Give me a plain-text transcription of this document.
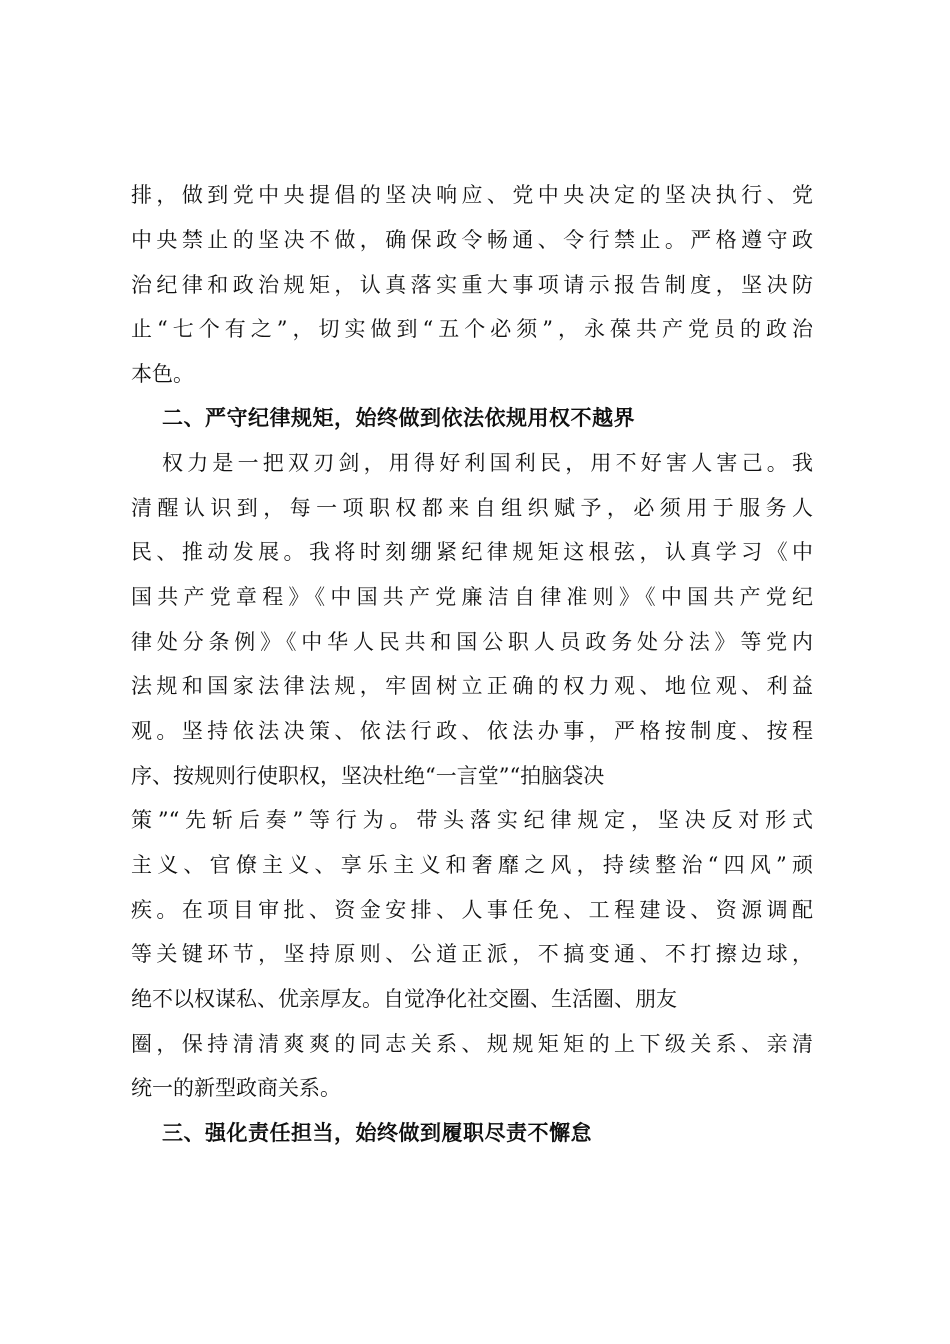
排，做到党中央提倡的坚决响应、党中央决定的坚决执行、党
中央禁止的坚决不做，确保政令畅通、令行禁止。严格遵守政
治纪律和政治规矩，认真落实重大事项请示报告制度，坚决防
止“七个有之”，切实做到“五个必须”，永葆共产党员的政治
本色。
二、严守纪律规矩，始终做到依法依规用权不越界
权力是一把双刃剑，用得好利国利民，用不好害人害己。我
清醒认识到，每一项职权都来自组织赋予，必须用于服务人
民、推动发展。我将时刻绷紧纪律规矩这根弦，认真学习《中
国共产党章程》《中国共产党廉洁自律准则》《中国共产党纪
律处分条例》《中华人民共和国公职人员政务处分法》等党内
法规和国家法律法规，牢固树立正确的权力观、地位观、利益
观。坚持依法决策、依法行政、依法办事，严格按制度、按程
序、按规则行使职权，坚决杜绝“一言堂”“拍脑袋决
策”“先斩后奏”等行为。带头落实纪律规定，坚决反对形式
主义、官僚主义、享乐主义和奢靡之风，持续整治“四风”顽
疾。在项目审批、资金安排、人事任免、工程建设、资源调配
等关键环节，坚持原则、公道正派，不搞变通、不打擦边球，
绝不以权谋私、优亲厚友。自觉净化社交圈、生活圈、朋友
圈，保持清清爽爽的同志关系、规规矩矩的上下级关系、亲清
统一的新型政商关系。
三、强化责任担当，始终做到履职尽责不懈怠
